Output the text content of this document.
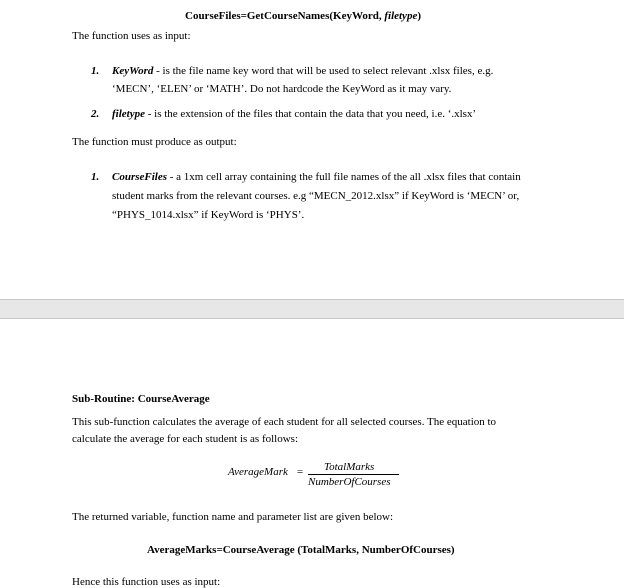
CourseFiles=GetCourseNames(KeyWord, filetype)
The function uses as input:
1. KeyWord - is the file name key word that will be used to select relevant .xlsx files, e.g.
‘MECN’, ‘ELEN’ or ‘MATH’. Do not hardcode the KeyWord as it may vary.
2. filetype - is the extension of the files that contain the data that you need, i.e. ‘.xlsx’
The function must produce as output:
1. CourseFiles - a 1xm cell array containing the full file names of the all .xlsx files that contain
student marks from the relevant courses. e.g “MECN_2012.xlsx” if KeyWord is ‘MECN’ or,
“PHYS_1014.xlsx” if KeyWord is ‘PHYS’.
Sub-Routine: CourseAverage
This sub-function calculates the average of each student for all selected courses. The equation to
calculate the average for each student is as follows:
AverageMark = TotalMarks
NumberOfCourses
The returned variable, function name and parameter list are given below:
AverageMarks=CourseAverage (TotalMarks, NumberOfCourses)
Hence this function uses as input:
